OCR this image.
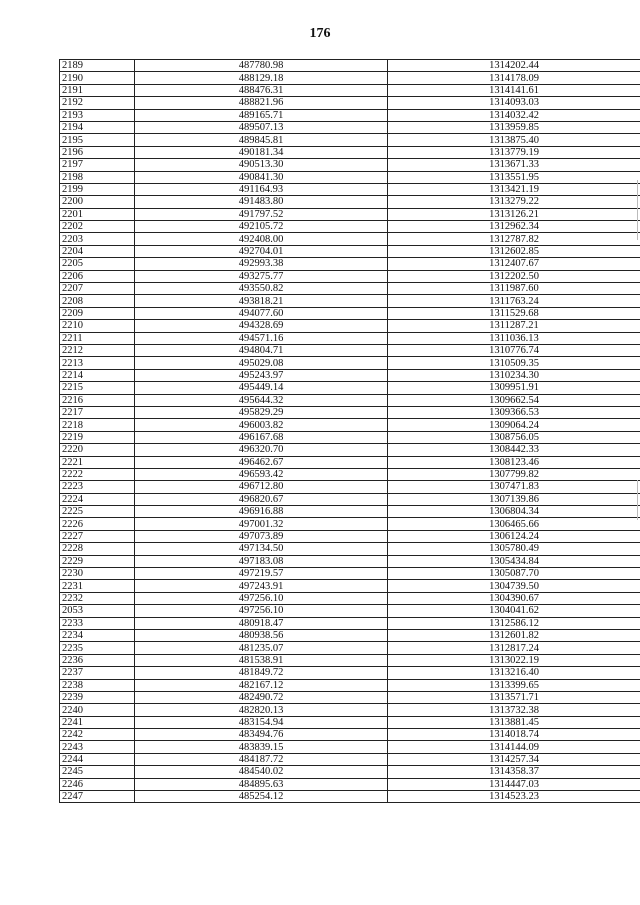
176
2189	487780.98	1314202.44
2190	488129.18	1314178.09
2191	488476.31	1314141.61
2192	488821.96	1314093.03
2193	489165.71	1314032.42
2194	489507.13	1313959.85
2195	489845.81	1313875.40
2196	490181.34	1313779.19
2197	490513.30	1313671.33
2198	490841.30	1313551.95
2199	491164.93	1313421.19
2200	491483.80	1313279.22
2201	491797.52	1313126.21
2202	492105.72	1312962.34
2203	492408.00	1312787.82
2204	492704.01	1312602.85
2205	492993.38	1312407.67
2206	493275.77	1312202.50
2207	493550.82	1311987.60
2208	493818.21	1311763.24
2209	494077.60	1311529.68
2210	494328.69	1311287.21
2211	494571.16	1311036.13
2212	494804.71	1310776.74
2213	495029.08	1310509.35
2214	495243.97	1310234.30
2215	495449.14	1309951.91
2216	495644.32	1309662.54
2217	495829.29	1309366.53
2218	496003.82	1309064.24
2219	496167.68	1308756.05
2220	496320.70	1308442.33
2221	496462.67	1308123.46
2222	496593.42	1307799.82
2223	496712.80	1307471.83
2224	496820.67	1307139.86
2225	496916.88	1306804.34
2226	497001.32	1306465.66
2227	497073.89	1306124.24
2228	497134.50	1305780.49
2229	497183.08	1305434.84
2230	497219.57	1305087.70
2231	497243.91	1304739.50
2232	497256.10	1304390.67
2053	497256.10	1304041.62
2233	480918.47	1312586.12
2234	480938.56	1312601.82
2235	481235.07	1312817.24
2236	481538.91	1313022.19
2237	481849.72	1313216.40
2238	482167.12	1313399.65
2239	482490.72	1313571.71
2240	482820.13	1313732.38
2241	483154.94	1313881.45
2242	483494.76	1314018.74
2243	483839.15	1314144.09
2244	484187.72	1314257.34
2245	484540.02	1314358.37
2246	484895.63	1314447.03
2247	485254.12	1314523.23
